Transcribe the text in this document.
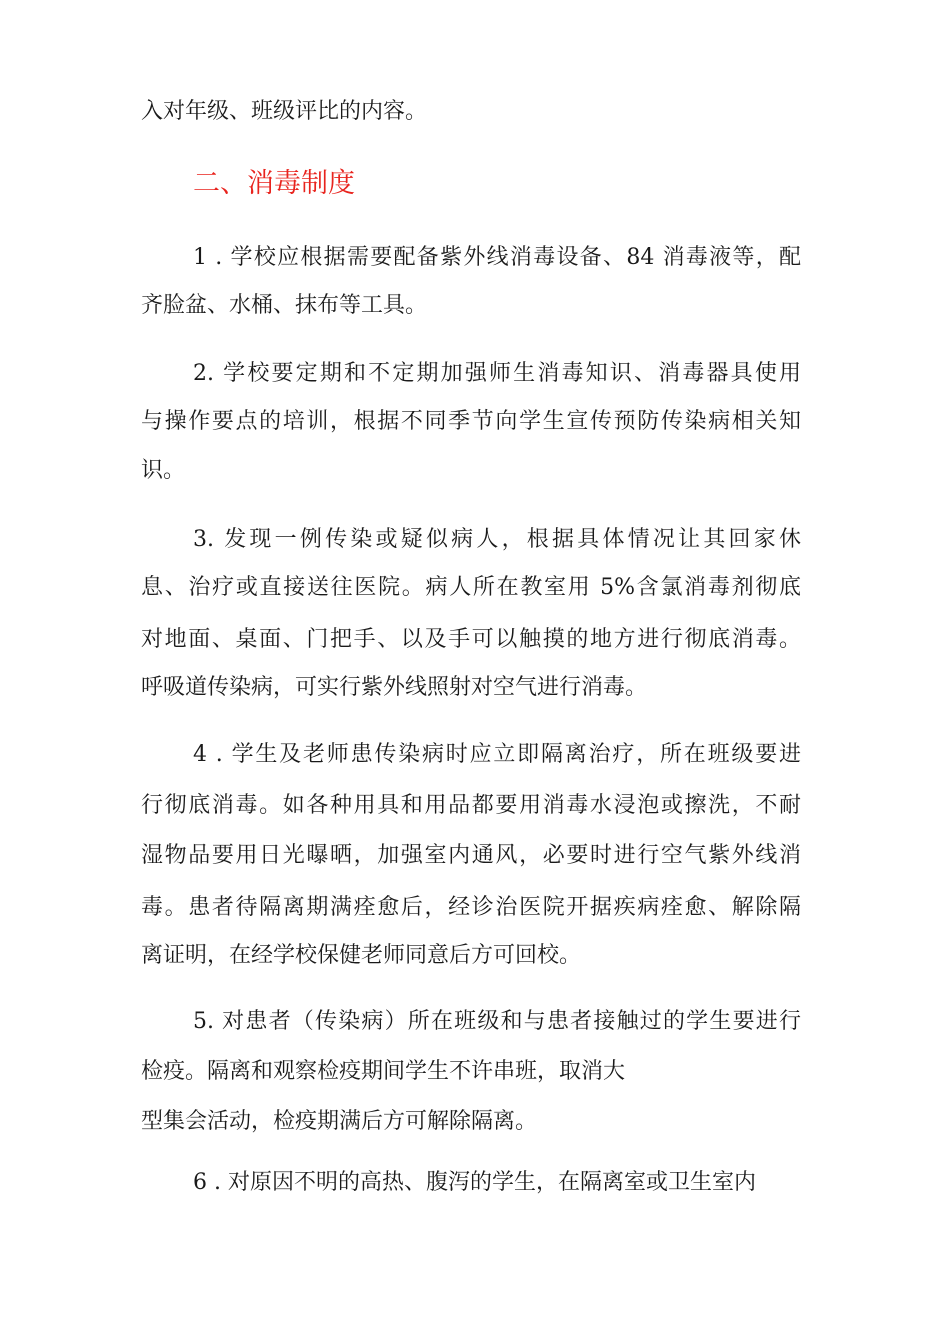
入对年级、班级评比的内容。
二、消毒制度
1 . 学校应根据需要配备紫外线消毒设备、84 消毒液等，配
齐脸盆、水桶、抹布等工具。
2. 学校要定期和不定期加强师生消毒知识、消毒器具使用
与操作要点的培训，根据不同季节向学生宣传预防传染病相关知
识。
3. 发现一例传染或疑似病人，根据具体情况让其回家休
息、治疗或直接送往医院。病人所在教室用 5%含氯消毒剂彻底
对地面、桌面、门把手、以及手可以触摸的地方进行彻底消毒。
呼吸道传染病，可实行紫外线照射对空气进行消毒。
4 . 学生及老师患传染病时应立即隔离治疗，所在班级要进
行彻底消毒。如各种用具和用品都要用消毒水浸泡或擦洗，不耐
湿物品要用日光曝晒，加强室内通风，必要时进行空气紫外线消
毒。患者待隔离期满痊愈后，经诊治医院开据疾病痊愈、解除隔
离证明，在经学校保健老师同意后方可回校。
5. 对患者（传染病）所在班级和与患者接触过的学生要进行
检疫。隔离和观察检疫期间学生不许串班，取消大
型集会活动，检疫期满后方可解除隔离。
6 . 对原因不明的高热、腹泻的学生，在隔离室或卫生室内
